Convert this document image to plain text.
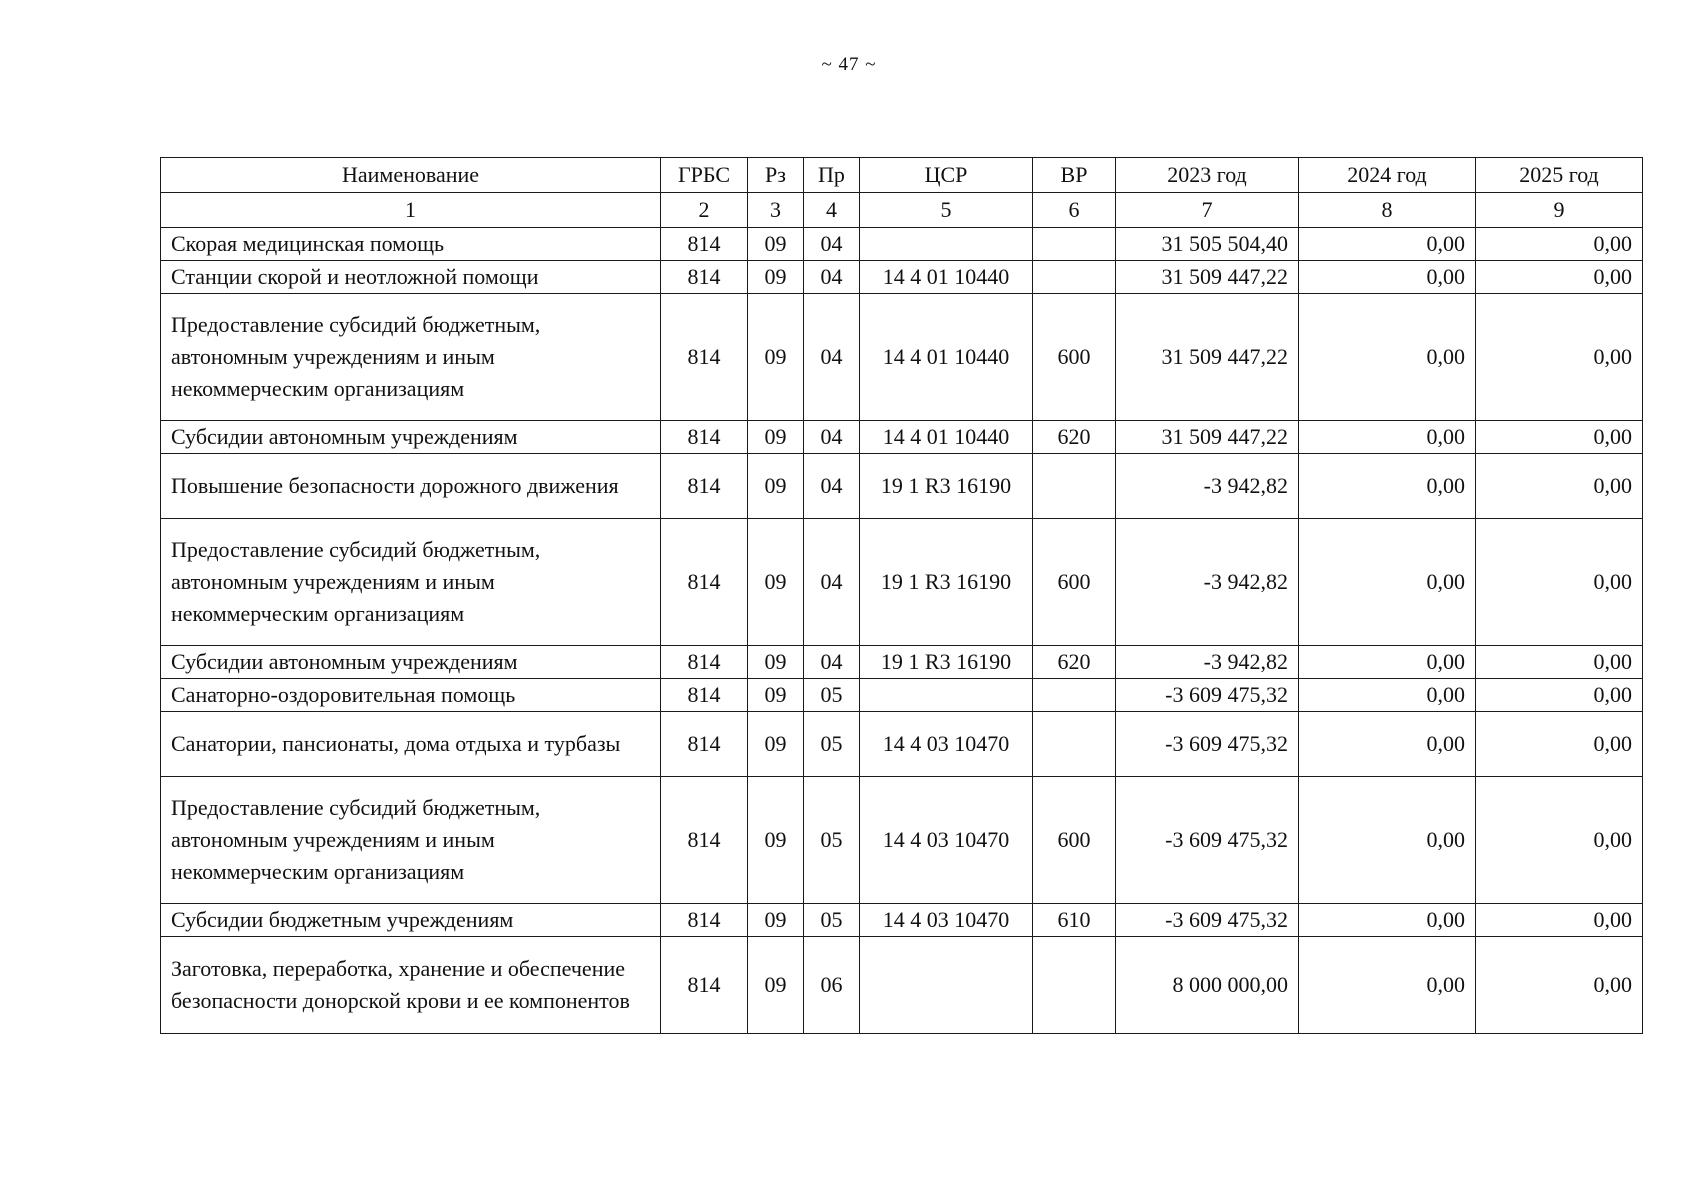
~ 47 ~
Наименование	ГРБС	Рз	Пр	ЦСР	ВР	2023 год	2024 год	2025 год
1	2	3	4	5	6	7	8	9
Скорая медицинская помощь	814	09	04			31 505 504,40	0,00	0,00
Станции скорой и неотложной помощи	814	09	04	14 4 01 10440		31 509 447,22	0,00	0,00
Предоставление субсидий бюджетным, автономным учреждениям и иным некоммерческим организациям	814	09	04	14 4 01 10440	600	31 509 447,22	0,00	0,00
Субсидии автономным учреждениям	814	09	04	14 4 01 10440	620	31 509 447,22	0,00	0,00
Повышение безопасности дорожного движения	814	09	04	19 1 R3 16190		-3 942,82	0,00	0,00
Предоставление субсидий бюджетным, автономным учреждениям и иным некоммерческим организациям	814	09	04	19 1 R3 16190	600	-3 942,82	0,00	0,00
Субсидии автономным учреждениям	814	09	04	19 1 R3 16190	620	-3 942,82	0,00	0,00
Санаторно-оздоровительная помощь	814	09	05			-3 609 475,32	0,00	0,00
Санатории, пансионаты, дома отдыха и турбазы	814	09	05	14 4 03 10470		-3 609 475,32	0,00	0,00
Предоставление субсидий бюджетным, автономным учреждениям и иным некоммерческим организациям	814	09	05	14 4 03 10470	600	-3 609 475,32	0,00	0,00
Субсидии бюджетным учреждениям	814	09	05	14 4 03 10470	610	-3 609 475,32	0,00	0,00
Заготовка, переработка, хранение и обеспечение безопасности донорской крови и ее компонентов	814	09	06			8 000 000,00	0,00	0,00
